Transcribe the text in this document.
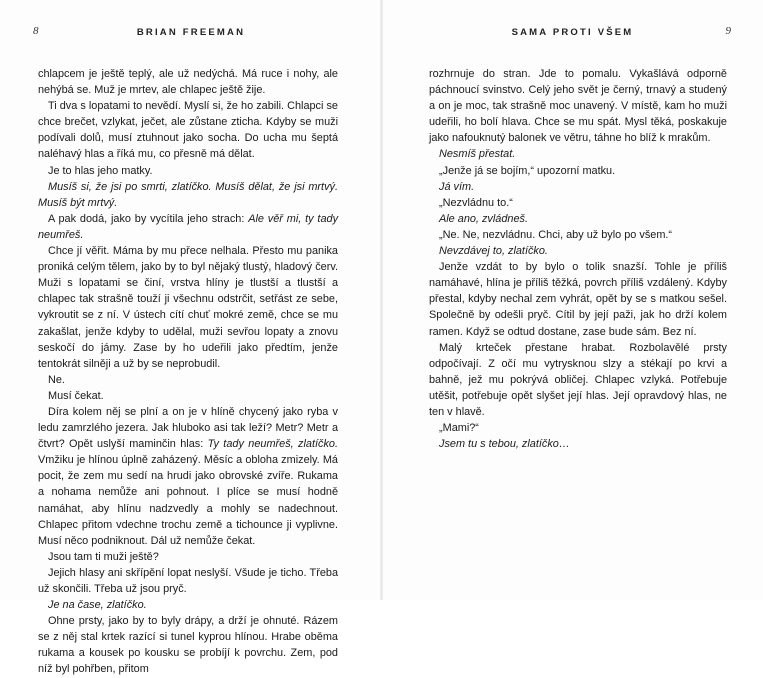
8	BRIAN FREEMAN

chlapcem je ještě teplý, ale už nedýchá. Má ruce i nohy, ale nehýbá se. Muž je mrtev, ale chlapec ještě žije.

Ti dva s lopatami to nevědí. Myslí si, že ho zabili. Chlapci se chce brečet, vzlykat, ječet, ale zůstane zticha. Kdyby se muži podívali dolů, musí ztuhnout jako socha. Do ucha mu šeptá naléhavý hlas a říká mu, co přesně má dělat.

Je to hlas jeho matky.

Musíš si, že jsi po smrti, zlatíčko. Musíš dělat, že jsi mrtvý. Musíš být mrtvý.

A pak dodá, jako by vycítila jeho strach: Ale věř mi, ty tady neumřeš.

Chce jí věřit. Máma by mu přece nelhala. Přesto mu panika proniká celým tělem, jako by to byl nějaký tlustý, hladový červ. Muži s lopatami se činí, vrstva hlíny je tlustší a tlustší a chlapec tak strašně touží ji všechnu odstrčit, setřást ze sebe, vykroutit se z ní. V ústech cítí chuť mokré země, chce se mu zakašlat, jenže kdyby to udělal, muži sevřou lopaty a znovu seskočí do jámy. Zase by ho udeřili jako předtím, jenže tentokrát silněji a už by se neprobudil.

Ne.

Musí čekat.

Díra kolem něj se plní a on je v hlíně chycený jako ryba v ledu zamrzlého jezera. Jak hluboko asi tak leží? Metr? Metr a čtvrt? Opět uslyší maminčin hlas: Ty tady neumřeš, zlatíčko. Vmžiku je hlínou úplně zaházený. Měsíc a obloha zmizely. Má pocit, že zem mu sedí na hrudi jako obrovské zvíře. Rukama a nohama nemůže ani pohnout. I plíce se musí hodně namáhat, aby hlínu nadzvedly a mohly se nadechnout. Chlapec přitom vdechne trochu země a tichounce ji vyplivne. Musí něco podniknout. Dál už nemůže čekat.

Jsou tam ti muži ještě?

Jejich hlasy ani skřípění lopat neslyší. Všude je ticho. Třeba už skončili. Třeba už jsou pryč.

Je na čase, zlatíčko.

Ohne prsty, jako by to byly drápy, a drží je ohnuté. Rázem se z něj stal krtek razící si tunel kyprou hlínou. Hrabe oběma rukama a kousek po kousku se probíjí k povrchu. Zem, pod níž byl pohřben, přitom

SAMA PROTI VŠEM	9

rozhrnuje do stran. Jde to pomalu. Vykašlává odporně páchnoucí svinstvo. Celý jeho svět je černý, trnavý a studený a on je moc, tak strašně moc unavený. V místě, kam ho muži udeřili, ho bolí hlava. Chce se mu spát. Mysl těká, poskakuje jako nafouknutý balonek ve větru, táhne ho blíž k mrakům.

Nesmíš přestat.

„Jenže já se bojím,“ upozorní matku.

Já vím.

„Nezvládnu to.“

Ale ano, zvládneš.

„Ne. Ne, nezvládnu. Chci, aby už bylo po všem.“

Nevzdávej to, zlatíčko.

Jenže vzdát to by bylo o tolik snazší. Tohle je příliš namáhavé, hlína je příliš těžká, povrch příliš vzdálený. Kdyby přestal, kdyby nechal zem vyhrát, opět by se s matkou sešel. Společně by odešli pryč. Cítil by její paži, jak ho drží kolem ramen. Když se odtud dostane, zase bude sám. Bez ní.

Malý krteček přestane hrabat. Rozbolavělé prsty odpočívají. Z očí mu vytrysknou slzy a stékají po krvi a bahně, jež mu pokrývá obličej. Chlapec vzlyká. Potřebuje utěšit, potřebuje opět slyšet její hlas. Její opravdový hlas, ne ten v hlavě.

„Mami?“

Jsem tu s tebou, zlatíčko…
